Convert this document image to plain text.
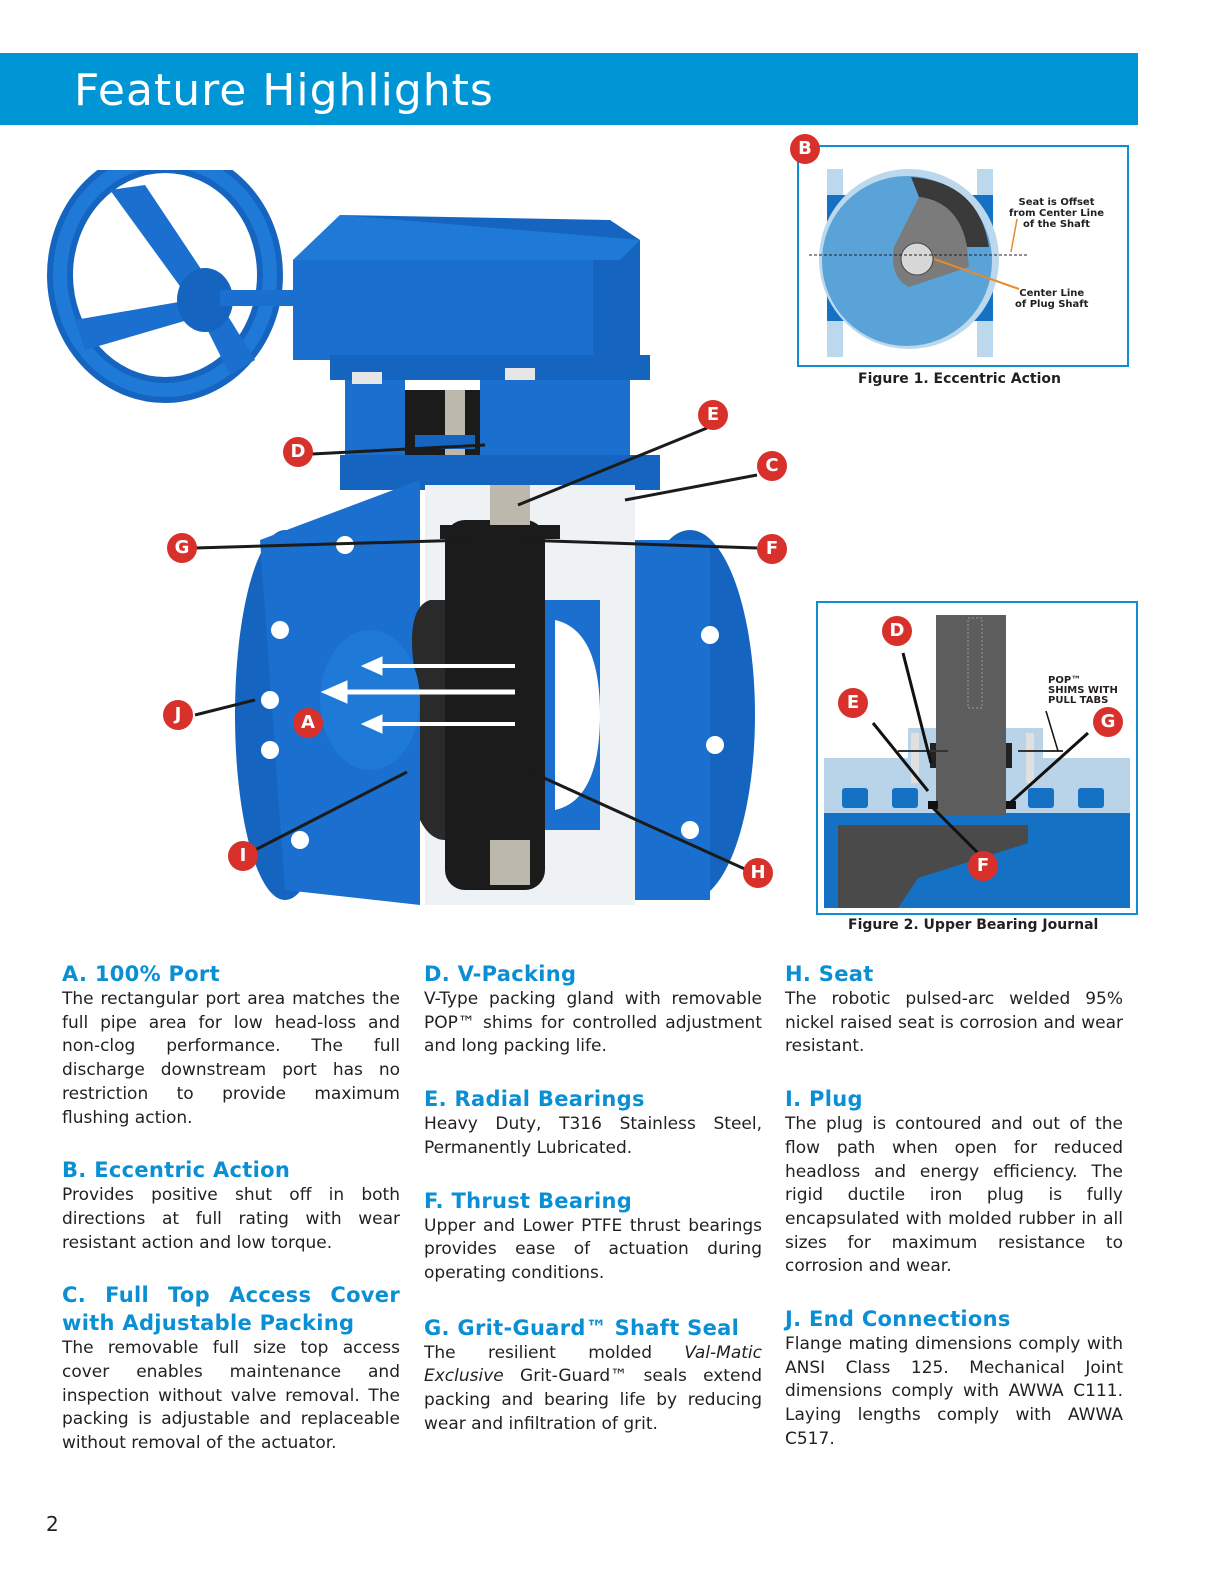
Feature Highlights
A
C
D
E
F
G
H
I
J
Seat is Offset
from Center Line
of the Shaft
Center Line
of Plug Shaft
B
Figure 1. Eccentric Action
POP™
SHIMS WITH
PULL TABS
D
E
G
F
Figure 2. Upper Bearing Journal
A. 100% Port

The rectangular port area matches the full pipe area for low head-loss and non-clog performance. The full discharge downstream port has no restriction to provide maximum flushing action.

B. Eccentric Action

Provides positive shut off in both directions at full rating with wear resistant action and low torque.

C. Full Top Access Cover with Adjustable Packing

The removable full size top access cover enables maintenance and inspection without valve removal. The packing is adjustable and replaceable without removal of the actuator.

D. V-Packing

V-Type packing gland with removable POP™ shims for controlled adjustment and long packing life.

E. Radial Bearings

Heavy Duty, T316 Stainless Steel, Permanently Lubricated.

F. Thrust Bearing

Upper and Lower PTFE thrust bearings provides ease of actuation during operating conditions.

G. Grit-Guard™ Shaft Seal

The resilient molded Val-Matic Exclusive Grit-Guard™ seals extend packing and bearing life by reducing wear and infiltration of grit.

H. Seat

The robotic pulsed-arc welded 95% nickel raised seat is corrosion and wear resistant.

I. Plug

The plug is contoured and out of the flow path when open for reduced headloss and energy efficiency. The rigid ductile iron plug is fully encapsulated with molded rubber in all sizes for maximum resistance to corrosion and wear.

J. End Connections

Flange mating dimensions comply with ANSI Class 125. Mechanical Joint dimensions comply with AWWA C111. Laying lengths comply with AWWA C517.

2
